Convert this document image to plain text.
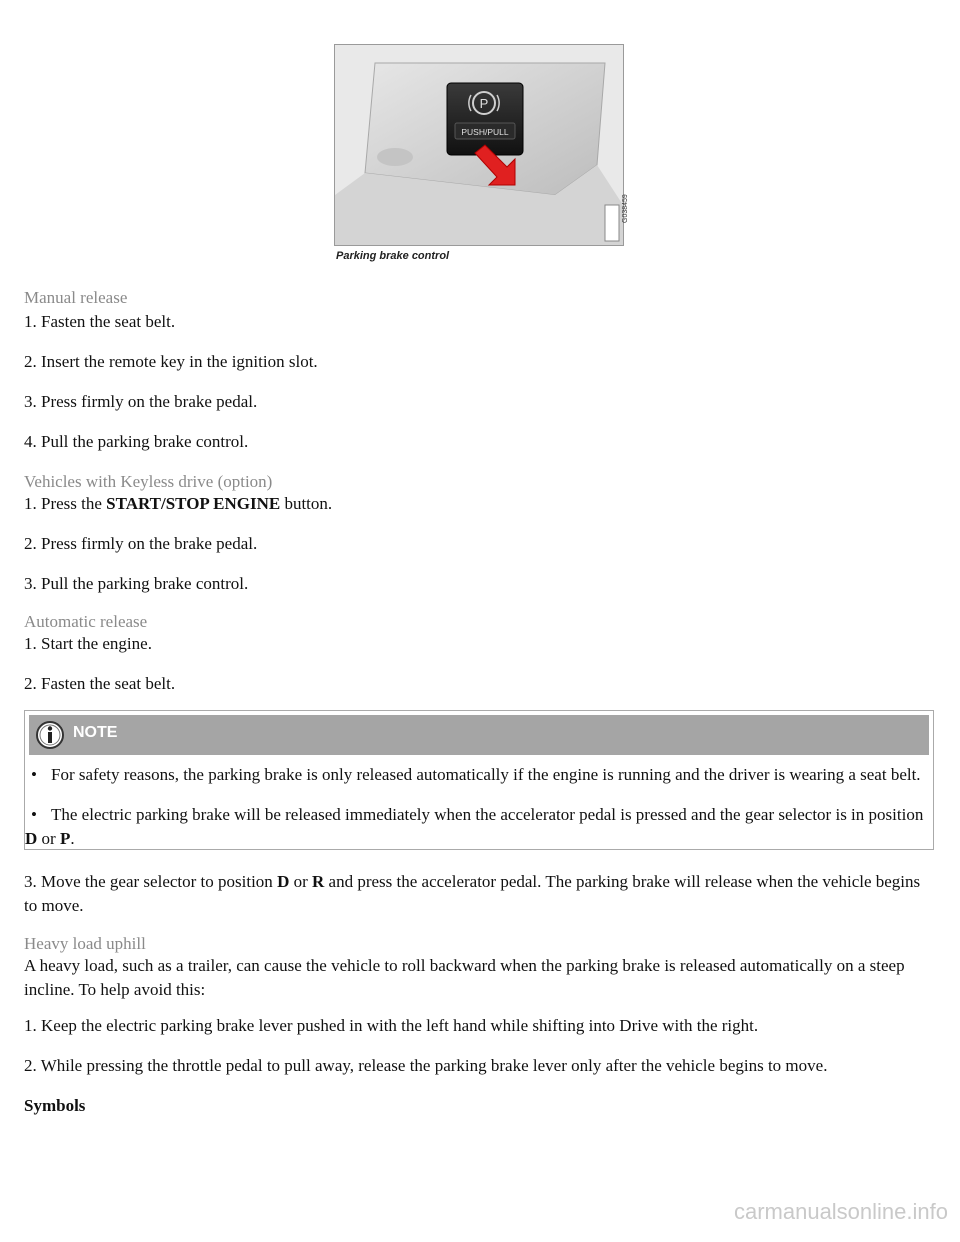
P
PUSH/PULL
G038459
Parking brake control
Manual release
1. Fasten the seat belt.
2. Insert the remote key in the ignition slot.
3. Press firmly on the brake pedal.
4. Pull the parking brake control.
Vehicles with Keyless drive (option)
1. Press the START/STOP ENGINE button.
2. Press firmly on the brake pedal.
3. Pull the parking brake control.
Automatic release
1. Start the engine.
2. Fasten the seat belt.
NOTE
• For safety reasons, the parking brake is only released automatically if the engine is running and the driver is wearing a seat belt.
• The electric parking brake will be released immediately when the accelerator pedal is pressed and the gear selector is in position D or P.
3. Move the gear selector to position D or R and press the accelerator pedal. The parking brake will release when the vehicle begins to move.
Heavy load uphill
A heavy load, such as a trailer, can cause the vehicle to roll backward when the parking brake is released automatically on a steep incline. To help avoid this:
1. Keep the electric parking brake lever pushed in with the left hand while shifting into Drive with the right.
2. While pressing the throttle pedal to pull away, release the parking brake lever only after the vehicle begins to move.
Symbols
carmanualsonline.info
